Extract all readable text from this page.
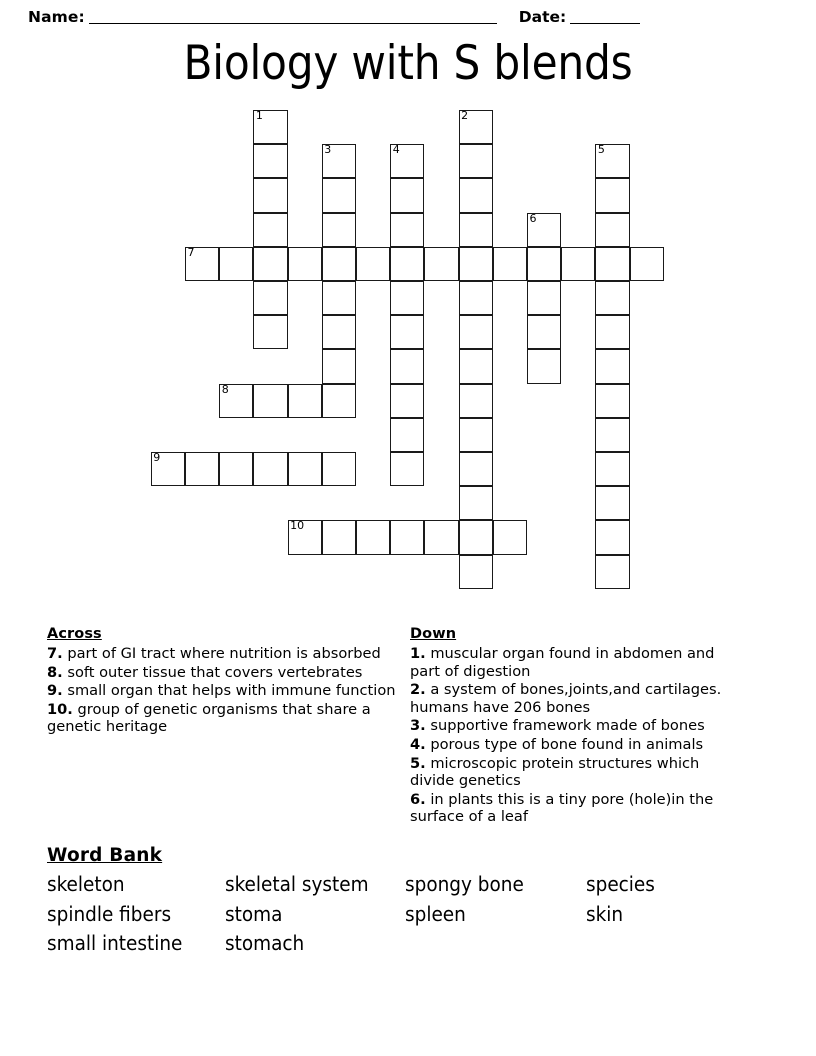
Name:	Date:
Biology with S blends
1	2
3	4	5
6
7
8
9
10
Across

7. part of GI tract where nutrition is absorbed

8. soft outer tissue that covers vertebrates

9. small organ that helps with immune function

10. group of genetic organisms that share a genetic heritage

Down

1. muscular organ found in abdomen and part of digestion

2. a system of bones,joints,and cartilages. humans have 206 bones

3. supportive framework made of bones

4. porous type of bone found in animals

5. microscopic protein structures which divide genetics

6. in plants this is a tiny pore (hole)in the surface of a leaf

Word Bank
skeleton	skeletal system	spongy bone	species
spindle fibers	stoma	spleen	skin
small intestine	stomach
